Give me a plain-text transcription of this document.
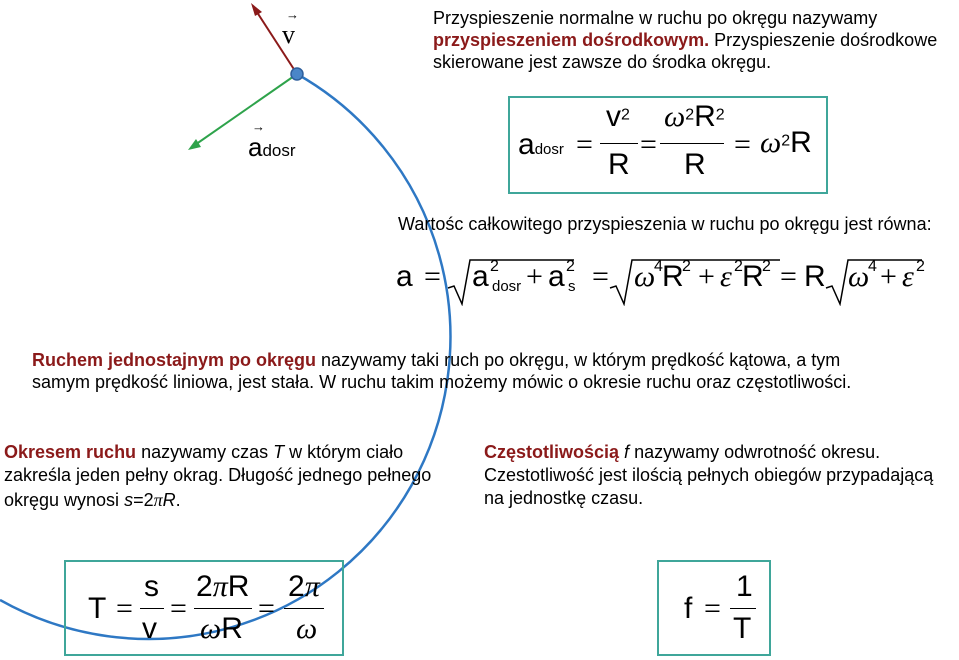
→
v
→
adosr
Przyspieszenie normalne w ruchu po okręgu nazywamy
przyspieszeniem dośrodkowym. Przyspieszenie dośrodkowe
skierowane jest zawsze do środka okręgu.
adosr =
$v^2$
R
=
$\omega^2R^2$
R
= $\omega^2R$
Wartośc całkowitego przyspieszenia w ruchu po okręgu jest równa:
a = a 2
dosr + a 2
s = ω
4 R
2 + ε 2 R
2 = R ω
4 + ε 2
Ruchem jednostajnym po okręgu nazywamy taki ruch po okręgu, w którym prędkość kątowa, a tym
samym prędkość liniowa, jest stała. W ruchu takim możemy mówic o okresie ruchu oraz częstotliwości.
Okresem ruchu nazywamy czas T w którym ciało
zakreśla jeden pełny okrag. Długość jednego pełnego
okręgu wynosi s=2πR.
Częstotliwością f nazywamy odwrotność okresu.
Czestotliwość jest ilością pełnych obiegów przypadającą
na jednostkę czasu.
T =
s
v
=
2πR
ωR
=
2π
ω
f =
1
T
